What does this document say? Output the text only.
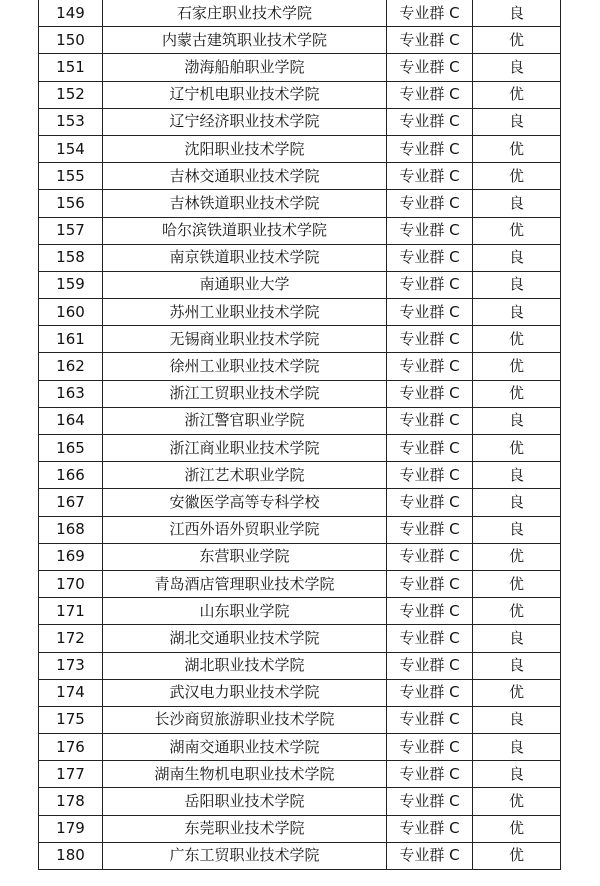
149	石家庄职业技术学院	专业群 C	良
150	内蒙古建筑职业技术学院	专业群 C	优
151	渤海船舶职业学院	专业群 C	良
152	辽宁机电职业技术学院	专业群 C	优
153	辽宁经济职业技术学院	专业群 C	良
154	沈阳职业技术学院	专业群 C	优
155	吉林交通职业技术学院	专业群 C	优
156	吉林铁道职业技术学院	专业群 C	良
157	哈尔滨铁道职业技术学院	专业群 C	优
158	南京铁道职业技术学院	专业群 C	良
159	南通职业大学	专业群 C	良
160	苏州工业职业技术学院	专业群 C	良
161	无锡商业职业技术学院	专业群 C	优
162	徐州工业职业技术学院	专业群 C	优
163	浙江工贸职业技术学院	专业群 C	优
164	浙江警官职业学院	专业群 C	良
165	浙江商业职业技术学院	专业群 C	优
166	浙江艺术职业学院	专业群 C	良
167	安徽医学高等专科学校	专业群 C	良
168	江西外语外贸职业学院	专业群 C	良
169	东营职业学院	专业群 C	优
170	青岛酒店管理职业技术学院	专业群 C	优
171	山东职业学院	专业群 C	优
172	湖北交通职业技术学院	专业群 C	良
173	湖北职业技术学院	专业群 C	良
174	武汉电力职业技术学院	专业群 C	优
175	长沙商贸旅游职业技术学院	专业群 C	良
176	湖南交通职业技术学院	专业群 C	良
177	湖南生物机电职业技术学院	专业群 C	良
178	岳阳职业技术学院	专业群 C	优
179	东莞职业技术学院	专业群 C	优
180	广东工贸职业技术学院	专业群 C	优
